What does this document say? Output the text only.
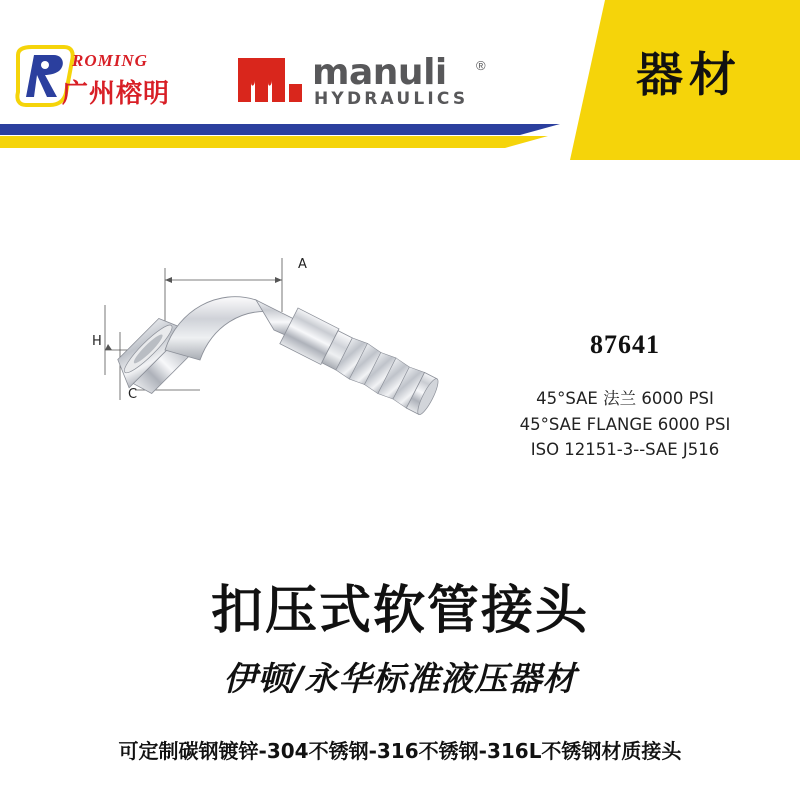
器材
ROMING
广州榕明
manuli ®
HYDRAULICS
A
H
C
87641
45°SAE 法兰 6000 PSI
45°SAE FLANGE 6000 PSI
ISO 12151-3--SAE J516
扣压式软管接头
伊顿/永华标准液压器材
可定制碳钢镀锌-304不锈钢-316不锈钢-316L不锈钢材质接头
